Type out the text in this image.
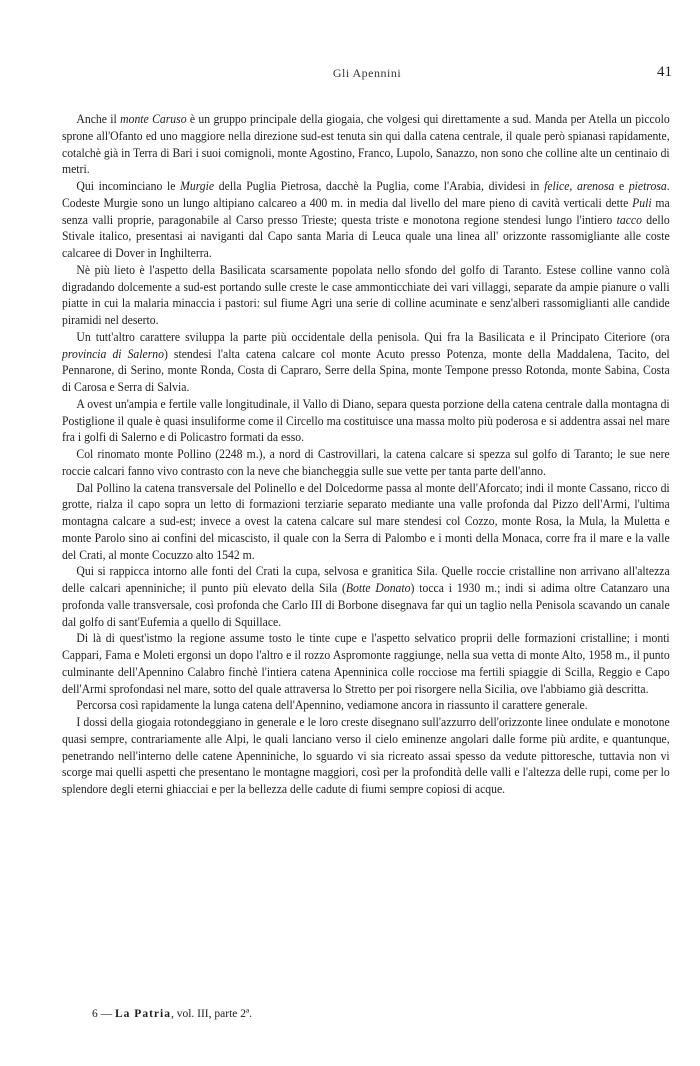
Gli Apennini	41

Anche il monte Caruso è un gruppo principale della giogaia, che volgesi qui direttamente a sud. Manda per Atella un piccolo sprone all'Ofanto ed uno maggiore nella direzione sud-est tenuta sin qui dalla catena centrale, il quale però spianasi rapidamente, cotalchè già in Terra di Bari i suoi comignoli, monte Agostino, Franco, Lupolo, Sanazzo, non sono che colline alte un centinaio di metri.

Qui incominciano le Murgie della Puglia Pietrosa, dacchè la Puglia, come l'Arabia, dividesi in felice, arenosa e pietrosa. Codeste Murgie sono un lungo altipiano calcareo a 400 m. in media dal livello del mare pieno di cavità verticali dette Puli ma senza valli proprie, paragonabile al Carso presso Trieste; questa triste e monotona regione stendesi lungo l'intiero tacco dello Stivale italico, presentasi ai naviganti dal Capo santa Maria di Leuca quale una linea all' orizzonte rassomigliante alle coste calcaree di Dover in Inghilterra.

Nè più lieto è l'aspetto della Basilicata scarsamente popolata nello sfondo del golfo di Taranto. Estese colline vanno colà digradando dolcemente a sud-est portando sulle creste le case ammonticchiate dei vari villaggi, separate da ampie pianure o valli piatte in cui la malaria minaccia i pastori: sul fiume Agri una serie di colline acuminate e senz'alberi rassomiglianti alle candide piramidi nel deserto.

Un tutt'altro carattere sviluppa la parte più occidentale della penisola. Qui fra la Basilicata e il Principato Citeriore (ora provincia di Salerno) stendesi l'alta catena calcare col monte Acuto presso Potenza, monte della Maddalena, Tacito, del Pennarone, di Serino, monte Ronda, Costa di Capraro, Serre della Spina, monte Tempone presso Rotonda, monte Sabina, Costa di Carosa e Serra di Salvia.

A ovest un'ampia e fertile valle longitudinale, il Vallo di Diano, separa questa porzione della catena centrale dalla montagna di Postiglione il quale è quasi insuliforme come il Circello ma costituisce una massa molto più poderosa e si addentra assai nel mare fra i golfi di Salerno e di Policastro formati da esso.

Col rinomato monte Pollino (2248 m.), a nord di Castrovillari, la catena calcare si spezza sul golfo di Taranto; le sue nere roccie calcari fanno vivo contrasto con la neve che biancheggia sulle sue vette per tanta parte dell'anno.

Dal Pollino la catena transversale del Polinello e del Dolcedorme passa al monte dell'Aforcato; indi il monte Cassano, ricco di grotte, rialza il capo sopra un letto di formazioni terziarie separato mediante una valle profonda dal Pizzo dell'Armi, l'ultima montagna calcare a sud-est; invece a ovest la catena calcare sul mare stendesi col Cozzo, monte Rosa, la Mula, la Muletta e monte Parolo sino ai confini del micascisto, il quale con la Serra di Palombo e i monti della Monaca, corre fra il mare e la valle del Crati, al monte Cocuzzo alto 1542 m.

Qui si rappicca intorno alle fonti del Crati la cupa, selvosa e granitica Sila. Quelle roccie cristalline non arrivano all'altezza delle calcari apenniniche; il punto più elevato della Sila (Botte Donato) tocca i 1930 m.; indi si adima oltre Catanzaro una profonda valle transversale, così profonda che Carlo III di Borbone disegnava far qui un taglio nella Penisola scavando un canale dal golfo di sant'Eufemia a quello di Squillace.

Di là di quest'istmo la regione assume tosto le tinte cupe e l'aspetto selvatico proprii delle formazioni cristalline; i monti Cappari, Fama e Moleti ergonsi un dopo l'altro e il rozzo Aspromonte raggiunge, nella sua vetta di monte Alto, 1958 m., il punto culminante dell'Apennino Calabro finchè l'intiera catena Apenninica colle rocciose ma fertili spiaggie di Scilla, Reggio e Capo dell'Armi sprofondasi nel mare, sotto del quale attraversa lo Stretto per poi risorgere nella Sicilia, ove l'abbiamo già descritta.

Percorsa così rapidamente la lunga catena dell'Apennino, vediamone ancora in riassunto il carattere generale.

I dossi della giogaia rotondeggiano in generale e le loro creste disegnano sull'azzurro dell'orizzonte linee ondulate e monotone quasi sempre, contrariamente alle Alpi, le quali lanciano verso il cielo eminenze angolari dalle forme più ardite, e quantunque, penetrando nell'interno delle catene Apenniniche, lo sguardo vi sia ricreato assai spesso da vedute pittoresche, tuttavia non vi scorge mai quelli aspetti che presentano le montagne maggiori, così per la profondità delle valli e l'altezza delle rupi, come per lo splendore degli eterni ghiacciai e per la bellezza delle cadute di fiumi sempre copiosi di acque.

6 — La Patria, vol. III, parte 2ª.
